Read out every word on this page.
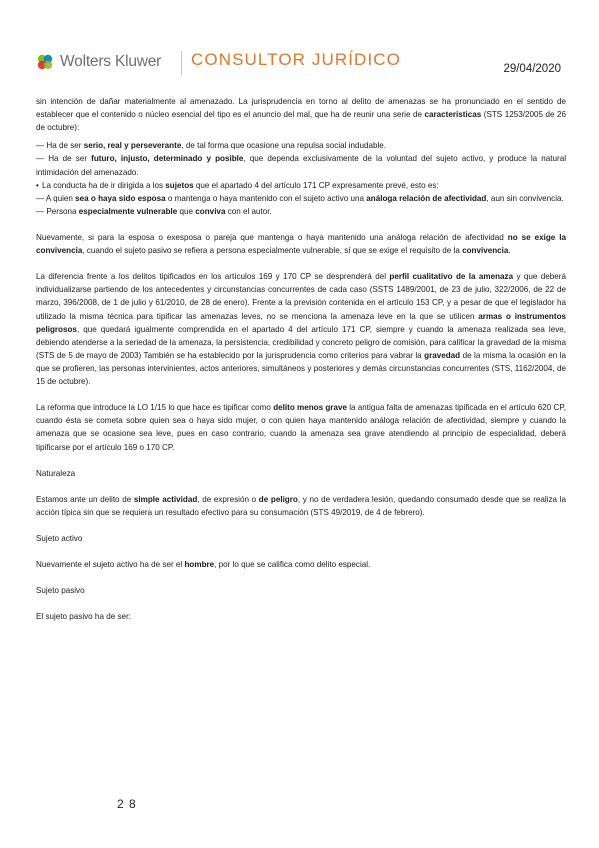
Wolters Kluwer CONSULTOR JURÍDICO	29/04/2020

sin intención de dañar materialmente al amenazado. La jurisprudencia en torno al delito de amenazas se ha pronunciado en el sentido de establecer que el contenido o núcleo esencial del tipo es el anuncio del mal, que ha de reunir una serie de características (STS 1253/2005 de 26 de octubre):

— Ha de ser serio, real y perseverante, de tal forma que ocasione una repulsa social indudable.

— Ha de ser futuro, injusto, determinado y posible, que dependa exclusivamente de la voluntad del sujeto activo, y produce la natural intimidación del amenazado.

• La conducta ha de ir dirigida a los sujetos que el apartado 4 del artículo 171 CP expresamente prevé, esto es:

— A quien sea o haya sido esposa o mantenga o haya mantenido con el sujeto activo una análoga relación de afectividad, aun sin convivencia.

— Persona especialmente vulnerable que conviva con el autor.

Nuevamente, si para la esposa o exesposa o pareja que mantenga o haya mantenido una análoga relación de afectividad no se exige la convivencia, cuando el sujeto pasivo se refiera a persona especialmente vulnerable, sí que se exige el requisito de la convivencia.

La diferencia frente a los delitos tipificados en los artículos 169 y 170 CP se desprenderá del perfil cualitativo de la amenaza y que deberá individualizarse partiendo de los antecedentes y circunstancias concurrentes de cada caso (SSTS 1489/2001, de 23 de julio, 322/2006, de 22 de marzo, 396/2008, de 1 de julio y 61/2010, de 28 de enero). Frente a la previsión contenida en el artículo 153 CP, y a pesar de que el legislador ha utilizado la misma técnica para tipificar las amenazas leves, no se menciona la amenaza leve en la que se utilicen armas o instrumentos peligrosos, que quedará igualmente comprendida en el apartado 4 del artículo 171 CP, siempre y cuando la amenaza realizada sea leve, debiendo atenderse a la seriedad de la amenaza, la persistencia, credibilidad y concreto peligro de comisión, para calificar la gravedad de la misma (STS de 5 de mayo de 2003) También se ha establecido por la jurisprudencia como criterios para vabrar la gravedad de la misma la ocasión en la que se profieren, las personas intervinientes, actos anteriores, simultáneos y posteriores y demás circunstancias concurrentes (STS, 1162/2004, de 15 de octubre).

La reforma que introduce la LO 1/15 lo que hace es tipificar como delito menos grave la antigua falta de amenazas tipificada en el artículo 620 CP, cuando ésta se cometa sobre quien sea o haya sido mujer, o con quien haya mantenido análoga relación de afectividad, siempre y cuando la amenaza que se ocasione sea leve, pues en caso contrario, cuando la amenaza sea grave atendiendo al principio de especialidad, deberá tipificarse por el artículo 169 o 170 CP.

Naturaleza

Estamos ante un delito de simple actividad, de expresión o de peligro, y no de verdadera lesión, quedando consumado desde que se realiza la acción típica sin que se requiera un resultado efectivo para su consumación (STS 49/2019, de 4 de febrero).

Sujeto activo

Nuevamente el sujeto activo ha de ser el hombre, por lo que se califica como delito especial.

Sujeto pasivo

El sujeto pasivo ha de ser:

2 8
